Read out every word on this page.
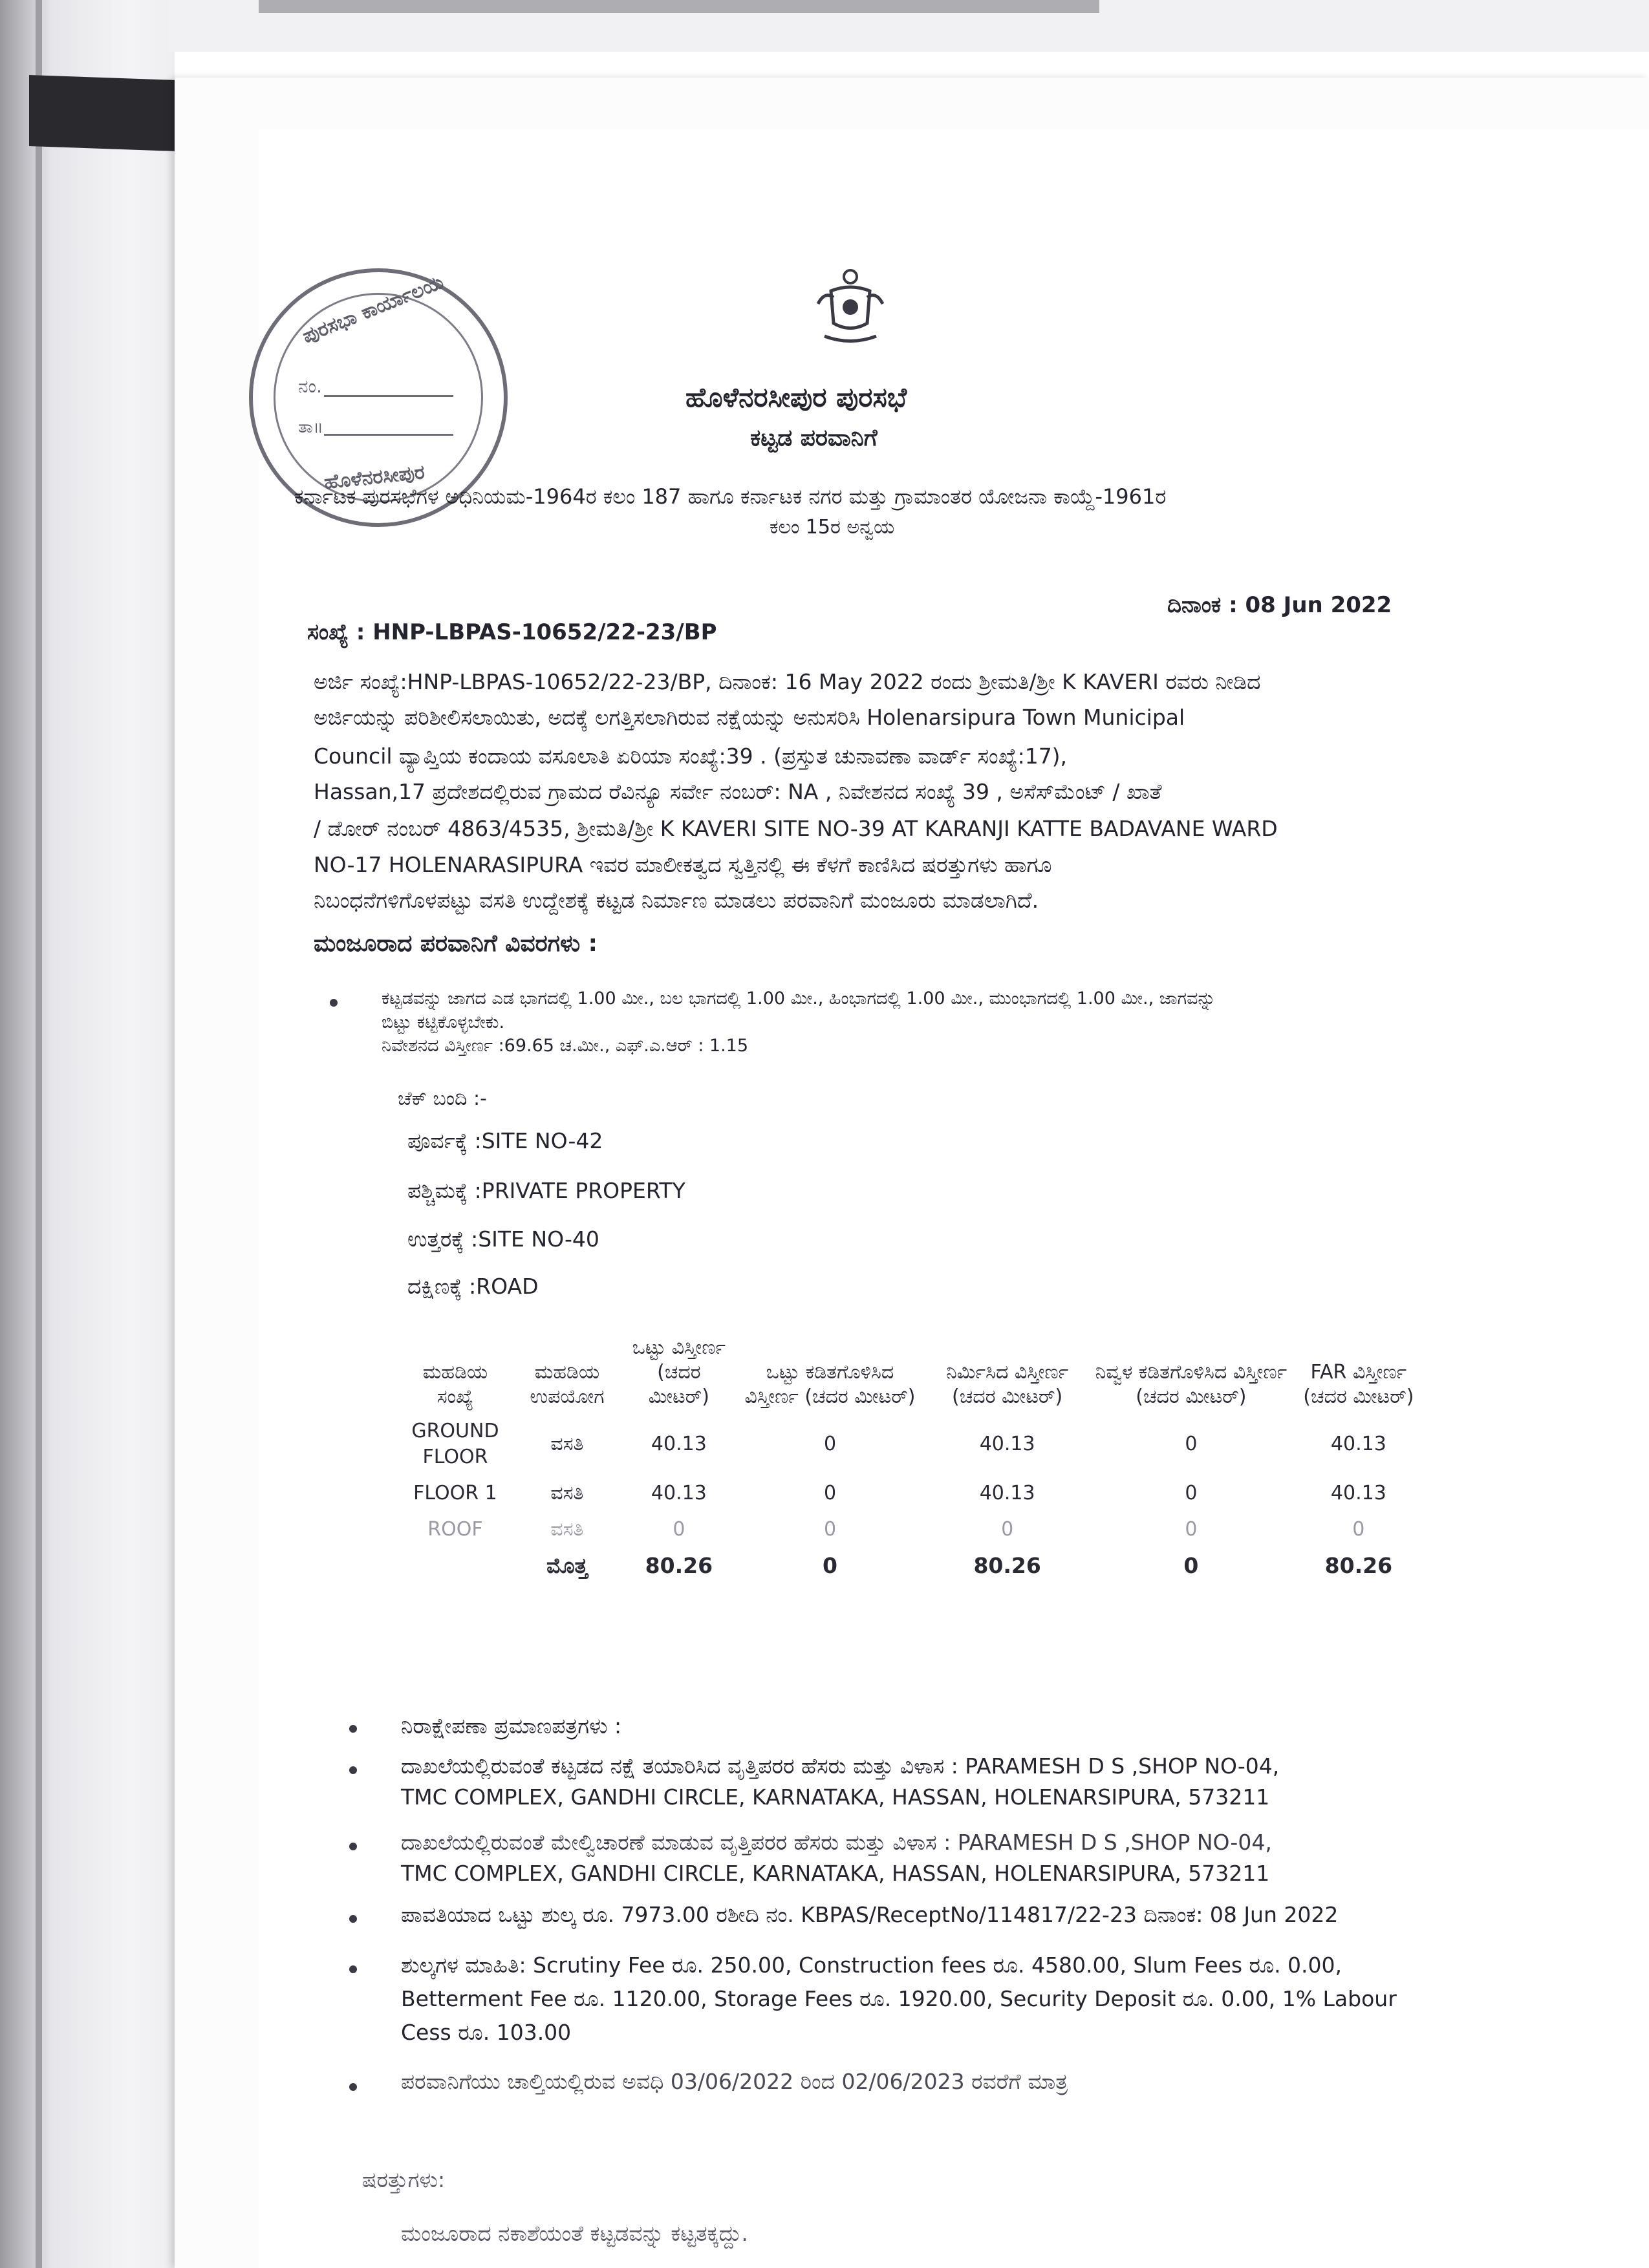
ಪುರಸಭಾ ಕಾರ್ಯಾಲಯ
ನಂ.
ತಾ॥
ಹೊಳೆನರಸೀಪುರ
ಹೊಳೆನರಸೀಪುರ ಪುರಸಭೆ
ಕಟ್ಟಡ ಪರವಾನಿಗೆ
ಕರ್ನಾಟಕ ಪುರಸಭೆಗಳ ಅಧಿನಿಯಮ-1964ರ ಕಲಂ 187 ಹಾಗೂ ಕರ್ನಾಟಕ ನಗರ ಮತ್ತು ಗ್ರಾಮಾಂತರ ಯೋಜನಾ ಕಾಯ್ದೆ-1961ರ
ಕಲಂ 15ರ ಅನ್ವಯ
ದಿನಾಂಕ : 08 Jun 2022
ಸಂಖ್ಯೆ : HNP-LBPAS-10652/22-23/BP
ಅರ್ಜಿ ಸಂಖ್ಯೆ:HNP-LBPAS-10652/22-23/BP, ದಿನಾಂಕ: 16 May 2022 ರಂದು ಶ್ರೀಮತಿ/ಶ್ರೀ K KAVERI ರವರು ನೀಡಿದ
ಅರ್ಜಿಯನ್ನು ಪರಿಶೀಲಿಸಲಾಯಿತು, ಅದಕ್ಕೆ ಲಗತ್ತಿಸಲಾಗಿರುವ ನಕ್ಷೆಯನ್ನು ಅನುಸರಿಸಿ Holenarsipura Town Municipal
Council ವ್ಯಾಪ್ತಿಯ ಕಂದಾಯ ವಸೂಲಾತಿ ಏರಿಯಾ ಸಂಖ್ಯೆ:39 . (ಪ್ರಸ್ತುತ ಚುನಾವಣಾ ವಾರ್ಡ್ ಸಂಖ್ಯೆ:17),
Hassan,17 ಪ್ರದೇಶದಲ್ಲಿರುವ ಗ್ರಾಮದ ರೆವಿನ್ಯೂ ಸರ್ವೇ ನಂಬರ್: NA , ನಿವೇಶನದ ಸಂಖ್ಯೆ 39 , ಅಸೆಸ್‌ಮೆಂಟ್ / ಖಾತೆ
/ ಡೋರ್ ನಂಬರ್ 4863/4535, ಶ್ರೀಮತಿ/ಶ್ರೀ K KAVERI SITE NO-39 AT KARANJI KATTE BADAVANE WARD
NO-17 HOLENARASIPURA ಇವರ ಮಾಲೀಕತ್ವದ ಸ್ವತ್ತಿನಲ್ಲಿ ಈ ಕೆಳಗೆ ಕಾಣಿಸಿದ ಷರತ್ತುಗಳು ಹಾಗೂ
ನಿಬಂಧನೆಗಳಿಗೊಳಪಟ್ಟು ವಸತಿ ಉದ್ದೇಶಕ್ಕೆ ಕಟ್ಟಡ ನಿರ್ಮಾಣ ಮಾಡಲು ಪರವಾನಿಗೆ ಮಂಜೂರು ಮಾಡಲಾಗಿದೆ.
ಮಂಜೂರಾದ ಪರವಾನಿಗೆ ವಿವರಗಳು :
ಕಟ್ಟಡವನ್ನು ಜಾಗದ ಎಡ ಭಾಗದಲ್ಲಿ 1.00 ಮೀ., ಬಲ ಭಾಗದಲ್ಲಿ 1.00 ಮೀ., ಹಿಂಭಾಗದಲ್ಲಿ 1.00 ಮೀ., ಮುಂಭಾಗದಲ್ಲಿ 1.00 ಮೀ., ಜಾಗವನ್ನು
ಬಿಟ್ಟು ಕಟ್ಟಿಕೊಳ್ಳಬೇಕು.
ನಿವೇಶನದ ವಿಸ್ತೀರ್ಣ :69.65 ಚ.ಮೀ., ಎಫ್.ಎ.ಆರ್ : 1.15
ಚೆಕ್ ಬಂದಿ :-
ಪೂರ್ವಕ್ಕೆ :SITE NO-42
ಪಶ್ಚಿಮಕ್ಕೆ :PRIVATE PROPERTY
ಉತ್ತರಕ್ಕೆ :SITE NO-40
ದಕ್ಷಿಣಕ್ಕೆ :ROAD
ಮಹಡಿಯ ಸಂಖ್ಯೆ	ಮಹಡಿಯ ಉಪಯೋಗ	ಒಟ್ಟು ವಿಸ್ತೀರ್ಣ (ಚದರ ಮೀಟರ್)	ಒಟ್ಟು ಕಡಿತಗೊಳಿಸಿದ ವಿಸ್ತೀರ್ಣ (ಚದರ ಮೀಟರ್)	ನಿರ್ಮಿಸಿದ ವಿಸ್ತೀರ್ಣ (ಚದರ ಮೀಟರ್)	ನಿವ್ವಳ ಕಡಿತಗೊಳಿಸಿದ ವಿಸ್ತೀರ್ಣ (ಚದರ ಮೀಟರ್)	FAR ವಿಸ್ತೀರ್ಣ (ಚದರ ಮೀಟರ್)
GROUND FLOOR	ವಸತಿ	40.13	0	40.13	0	40.13
FLOOR 1	ವಸತಿ	40.13	0	40.13	0	40.13
ROOF	ವಸತಿ	0	0	0	0	0
	ಮೊತ್ತ	80.26	0	80.26	0	80.26
ನಿರಾಕ್ಷೇಪಣಾ ಪ್ರಮಾಣಪತ್ರಗಳು :
ದಾಖಲೆಯಲ್ಲಿರುವಂತೆ ಕಟ್ಟಡದ ನಕ್ಷೆ ತಯಾರಿಸಿದ ವೃತ್ತಿಪರರ ಹೆಸರು ಮತ್ತು ವಿಳಾಸ : PARAMESH D S ,SHOP NO-04,
TMC COMPLEX, GANDHI CIRCLE, KARNATAKA, HASSAN, HOLENARSIPURA, 573211
ದಾಖಲೆಯಲ್ಲಿರುವಂತೆ ಮೇಲ್ವಿಚಾರಣೆ ಮಾಡುವ ವೃತ್ತಿಪರರ ಹೆಸರು ಮತ್ತು ವಿಳಾಸ : PARAMESH D S ,SHOP NO-04,
TMC COMPLEX, GANDHI CIRCLE, KARNATAKA, HASSAN, HOLENARSIPURA, 573211
ಪಾವತಿಯಾದ ಒಟ್ಟು ಶುಲ್ಕ ರೂ. 7973.00 ರಶೀದಿ ನಂ. KBPAS/ReceptNo/114817/22-23 ದಿನಾಂಕ: 08 Jun 2022
ಶುಲ್ಕಗಳ ಮಾಹಿತಿ: Scrutiny Fee ರೂ. 250.00, Construction fees ರೂ. 4580.00, Slum Fees ರೂ. 0.00,
Betterment Fee ರೂ. 1120.00, Storage Fees ರೂ. 1920.00, Security Deposit ರೂ. 0.00, 1% Labour
Cess ರೂ. 103.00
ಪರವಾನಿಗೆಯು ಚಾಲ್ತಿಯಲ್ಲಿರುವ ಅವಧಿ 03/06/2022 ರಿಂದ 02/06/2023 ರವರೆಗೆ ಮಾತ್ರ
ಷರತ್ತುಗಳು:
ಮಂಜೂರಾದ ನಕಾಶೆಯಂತೆ ಕಟ್ಟಡವನ್ನು ಕಟ್ಟತಕ್ಕದ್ದು.
